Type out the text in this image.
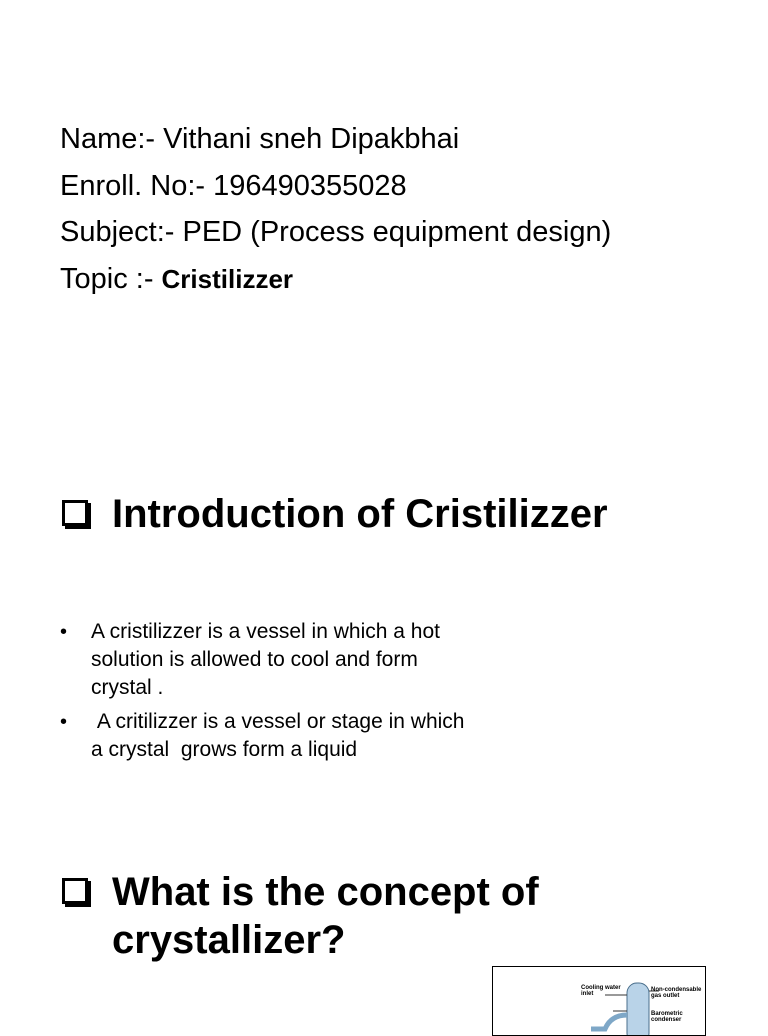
Name:- Vithani sneh Dipakbhai
Enroll. No:- 196490355028
Subject:- PED (Process equipment design)
Topic :- Cristilizzer
Introduction of Cristilizzer
•	A cristilizzer is a vessel in which a hot solution is allowed to cool and form crystal .
•	A critilizzer is a vessel or stage in which a crystal  grows form a liquid
What is the concept of crystallizer?
Cooling water inlet
Non-condensable gas outlet
Barometric condenser
